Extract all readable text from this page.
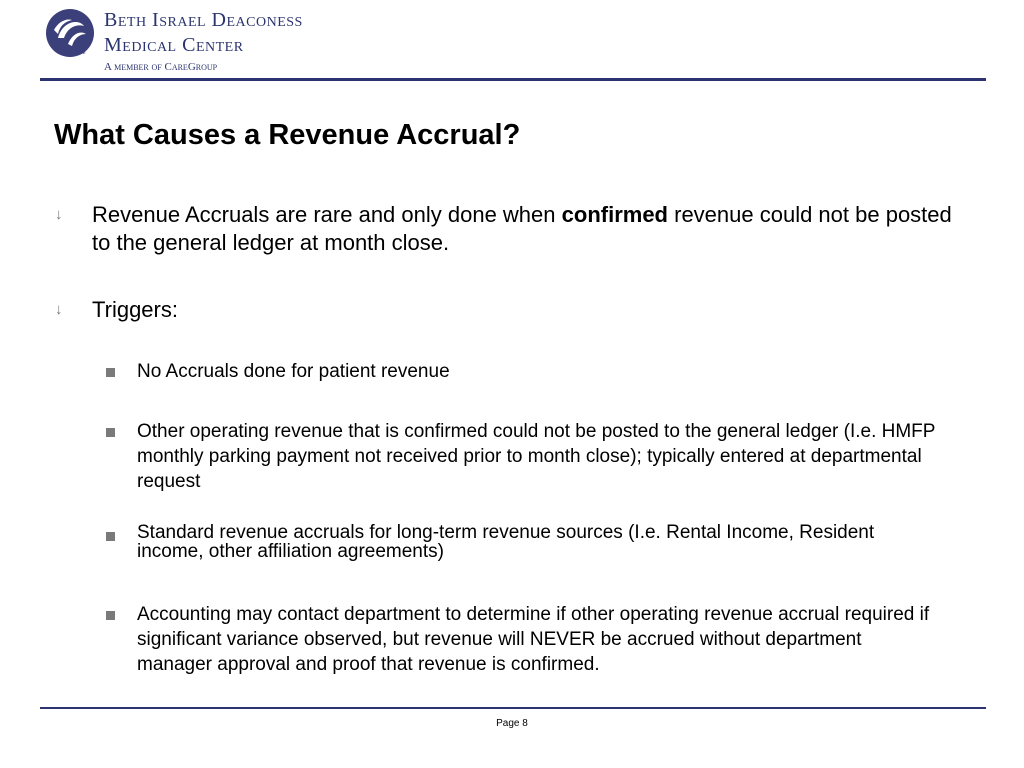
SM
Beth Israel Deaconess
Medical Center
A member of CareGroup
What Causes a Revenue Accrual?
↓ Revenue Accruals are rare and only done when confirmed revenue could not be posted to the general ledger at month close.
↓ Triggers:
No Accruals done for patient revenue
Other operating revenue that is confirmed could not be posted to the general ledger (I.e. HMFP monthly parking payment not received prior to month close); typically entered at departmental request
Standard revenue accruals for long-term revenue sources (I.e. Rental Income, Resident income, other affiliation agreements)
Accounting may contact department to determine if other operating revenue accrual required if significant variance observed, but revenue will NEVER be accrued without department manager approval and proof that revenue is confirmed.
Page 8
